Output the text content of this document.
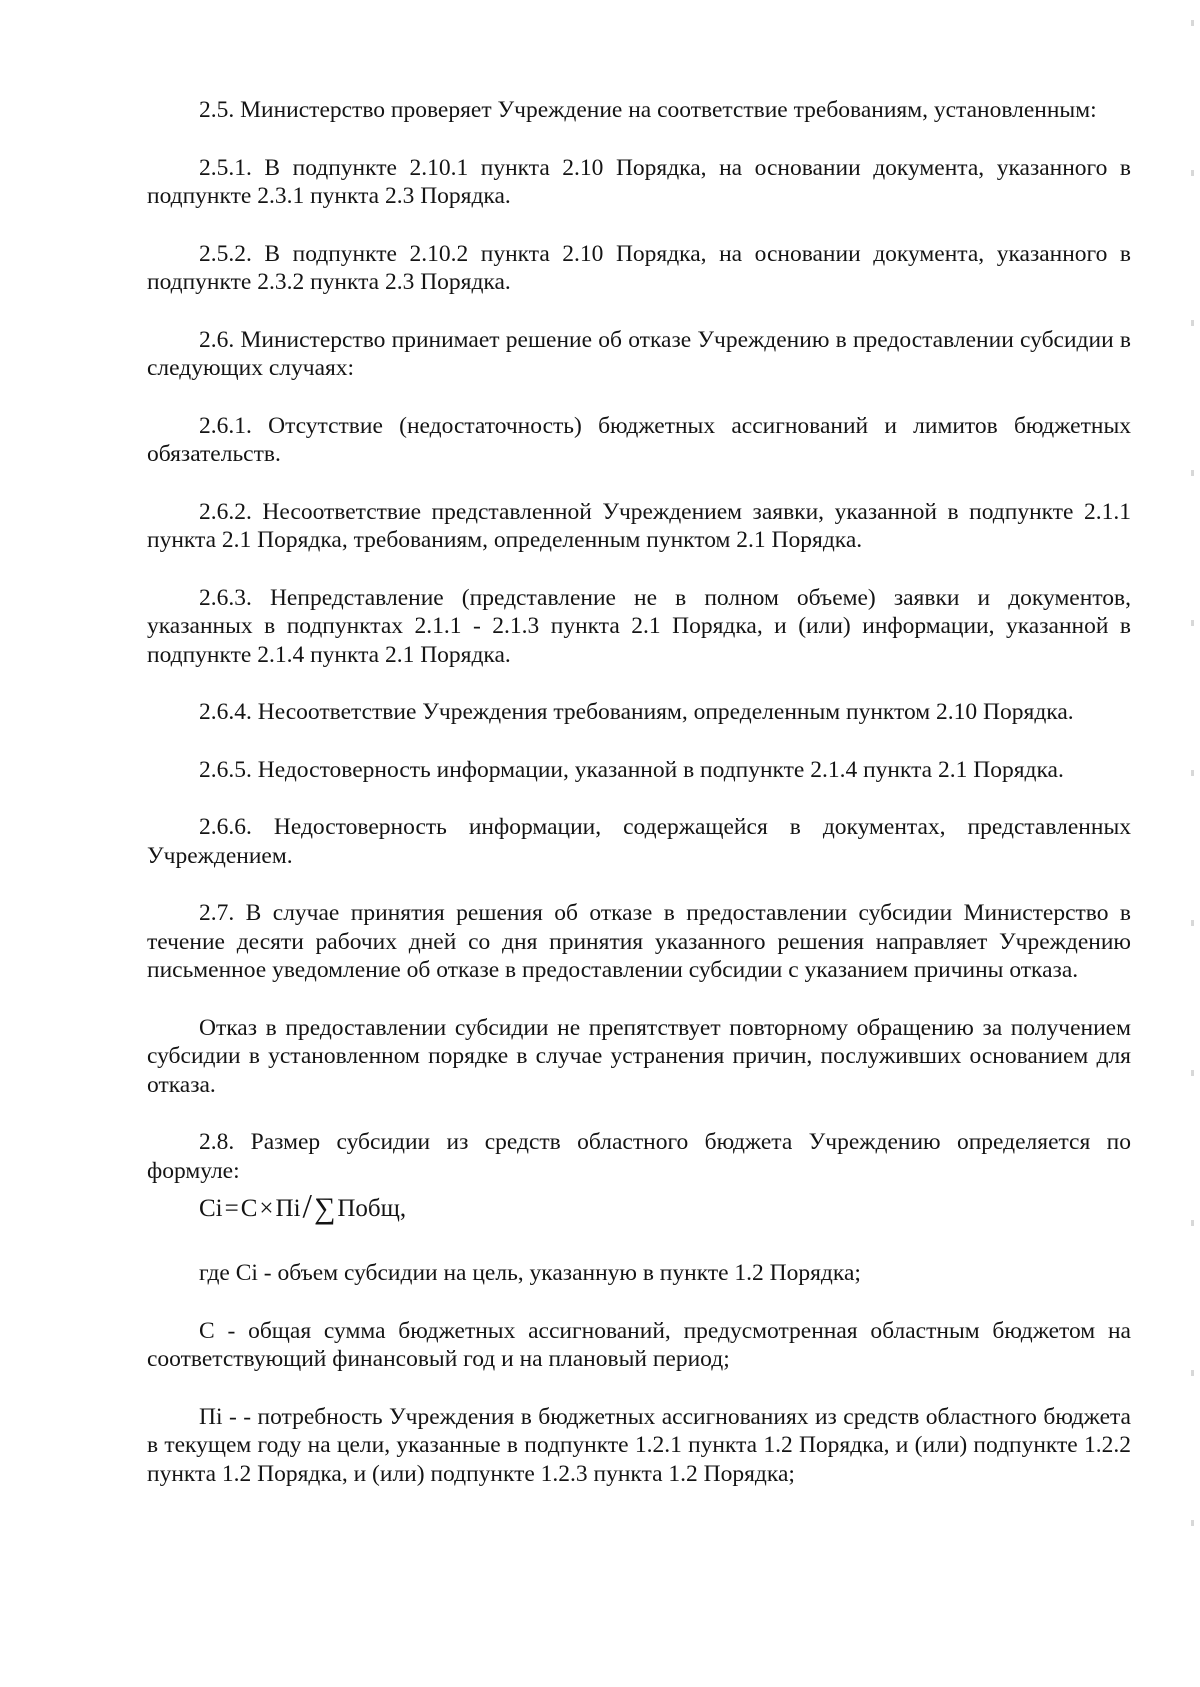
2.5. Министерство проверяет Учреждение на соответствие требованиям, установленным:

2.5.1. В подпункте 2.10.1 пункта 2.10 Порядка, на основании документа, указанного в подпункте 2.3.1 пункта 2.3 Порядка.

2.5.2. В подпункте 2.10.2 пункта 2.10 Порядка, на основании документа, указанного в подпункте 2.3.2 пункта 2.3 Порядка.

2.6. Министерство принимает решение об отказе Учреждению в предоставлении субсидии в следующих случаях:

2.6.1. Отсутствие (недостаточность) бюджетных ассигнований и лимитов бюджетных обязательств.

2.6.2. Несоответствие представленной Учреждением заявки, указанной в подпункте 2.1.1 пункта 2.1 Порядка, требованиям, определенным пунктом 2.1 Порядка.

2.6.3. Непредставление (представление не в полном объеме) заявки и документов, указанных в подпунктах 2.1.1 - 2.1.3 пункта 2.1 Порядка, и (или) информации, указанной в подпункте 2.1.4 пункта 2.1 Порядка.

2.6.4. Несоответствие Учреждения требованиям, определенным пунктом 2.10 Порядка.

2.6.5. Недостоверность информации, указанной в подпункте 2.1.4 пункта 2.1 Порядка.

2.6.6. Недостоверность информации, содержащейся в документах, представленных Учреждением.

2.7. В случае принятия решения об отказе в предоставлении субсидии Министерство в течение десяти рабочих дней со дня принятия указанного решения направляет Учреждению письменное уведомление об отказе в предоставлении субсидии с указанием причины отказа.

Отказ в предоставлении субсидии не препятствует повторному обращению за получением субсидии в установленном порядке в случае устранения причин, послуживших основанием для отказа.

2.8. Размер субсидии из средств областного бюджета Учреждению определяется по формуле:

Ci = C × Пi / ∑ Побщ,

где Ci - объем субсидии на цель, указанную в пункте 1.2 Порядка;

С - общая сумма бюджетных ассигнований, предусмотренная областным бюджетом на соответствующий финансовый год и на плановый период;

Пi - - потребность Учреждения в бюджетных ассигнованиях из средств областного бюджета в текущем году на цели, указанные в подпункте 1.2.1 пункта 1.2 Порядка, и (или) подпункте 1.2.2 пункта 1.2 Порядка, и (или) подпункте 1.2.3 пункта 1.2 Порядка;
